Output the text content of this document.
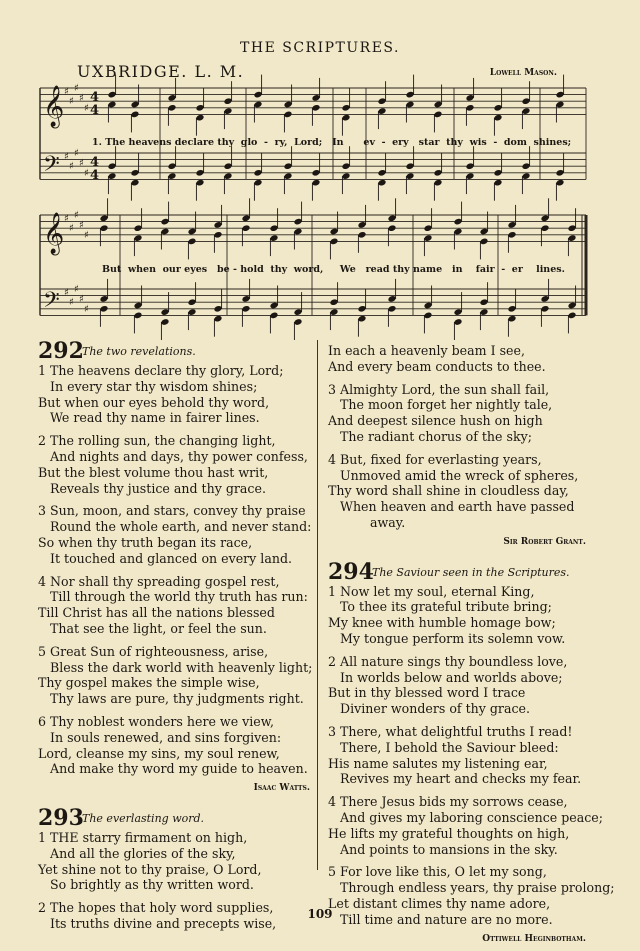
THE SCRIPTURES.
UXBRIDGE. L. M.	Lowell Mason.
𝄞 ♯
♯
♯
♯
♯
4
4
𝄢 ♯
♯
♯
♯
♯
4
4
𝄞 ♯
♯
♯
♯
♯
𝄢 ♯
♯
♯
♯
♯
1. The heavens declare thy  glo  -  ry,  Lord;   In      ev  -  ery   star  thy  wis  -  dom  shines;
But  when  our eyes   be - hold  thy  word,     We   read thy name   in    fair  -  er    lines.
292
The two revelations.
1 The heavens declare thy glory, Lord;
In every star thy wisdom shines;
But when our eyes behold thy word,
We read thy name in fairer lines.
2 The rolling sun, the changing light,
And nights and days, thy power confess,
But the blest volume thou hast writ,
Reveals thy justice and thy grace.
3 Sun, moon, and stars, convey thy praise
Round the whole earth, and never stand:
So when thy truth began its race,
It touched and glanced on every land.
4 Nor shall thy spreading gospel rest,
Till through the world thy truth has run:
Till Christ has all the nations blessed
That see the light, or feel the sun.
5 Great Sun of righteousness, arise,
Bless the dark world with heavenly light;
Thy gospel makes the simple wise,
Thy laws are pure, thy judgments right.
6 Thy noblest wonders here we view,
In souls renewed, and sins forgiven:
Lord, cleanse my sins, my soul renew,
And make thy word my guide to heaven.
Isaac Watts.
293
The everlasting word.
1 THE starry firmament on high,
And all the glories of the sky,
Yet shine not to thy praise, O Lord,
So brightly as thy written word.
2 The hopes that holy word supplies,
Its truths divine and precepts wise,
In each a heavenly beam I see,
And every beam conducts to thee.
3 Almighty Lord, the sun shall fail,
The moon forget her nightly tale,
And deepest silence hush on high
The radiant chorus of the sky;
4 But, fixed for everlasting years,
Unmoved amid the wreck of spheres,
Thy word shall shine in cloudless day,
When heaven and earth have passed
away.
Sir Robert Grant.
294
The Saviour seen in the Scriptures.
1 Now let my soul, eternal King,
To thee its grateful tribute bring;
My knee with humble homage bow;
My tongue perform its solemn vow.
2 All nature sings thy boundless love,
In worlds below and worlds above;
But in thy blessed word I trace
Diviner wonders of thy grace.
3 There, what delightful truths I read!
There, I behold the Saviour bleed:
His name salutes my listening ear,
Revives my heart and checks my fear.
4 There Jesus bids my sorrows cease,
And gives my laboring conscience peace;
He lifts my grateful thoughts on high,
And points to mansions in the sky.
5 For love like this, O let my song,
Through endless years, thy praise prolong;
Let distant climes thy name adore,
Till time and nature are no more.
Ottiwell Heginbotham.
109
